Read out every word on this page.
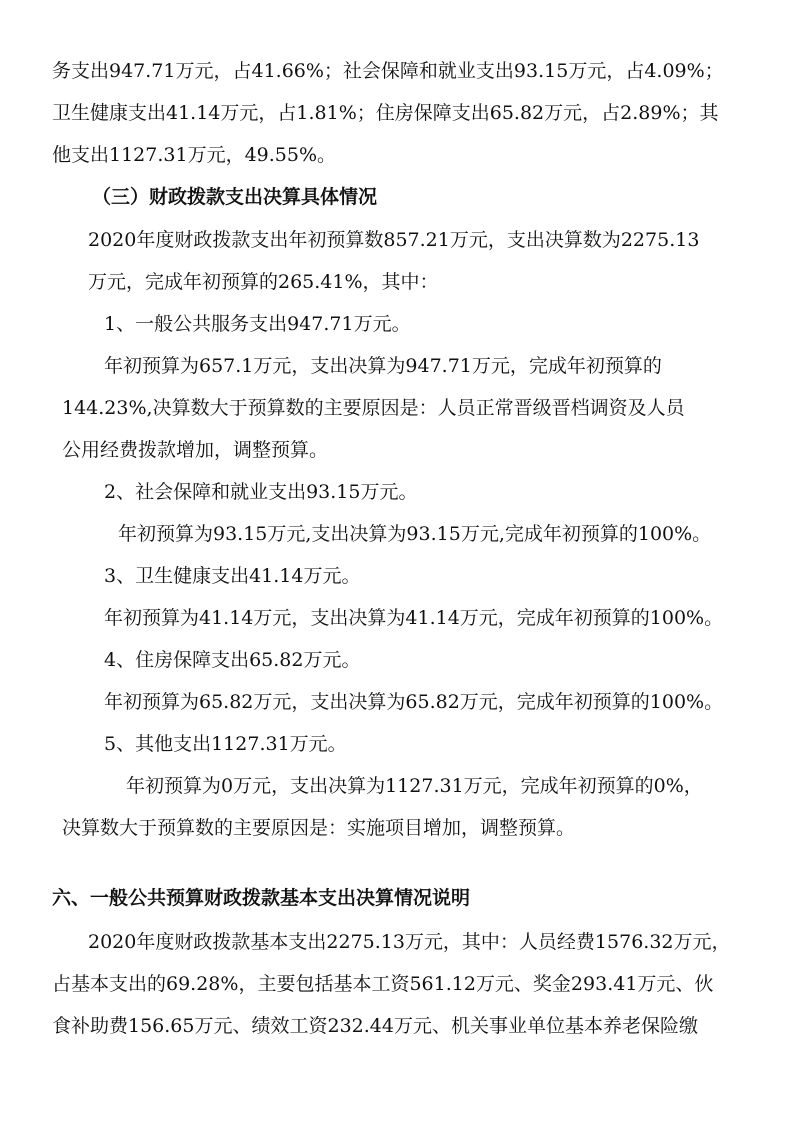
务支出947.71万元，占41.66%；社会保障和就业支出93.15万元，占4.09%；
卫生健康支出41.14万元，占1.81%；住房保障支出65.82万元，占2.89%；其
他支出1127.31万元，49.55%。
（三）财政拨款支出决算具体情况
2020年度财政拨款支出年初预算数857.21万元，支出决算数为2275.13
万元，完成年初预算的265.41%，其中：
1、一般公共服务支出947.71万元。
年初预算为657.1万元，支出决算为947.71万元，完成年初预算的
144.23%,决算数大于预算数的主要原因是：人员正常晋级晋档调资及人员
公用经费拨款增加，调整预算。
2、社会保障和就业支出93.15万元。
年初预算为93.15万元,支出决算为93.15万元,完成年初预算的100%。
3、卫生健康支出41.14万元。
年初预算为41.14万元，支出决算为41.14万元，完成年初预算的100%。
4、住房保障支出65.82万元。
年初预算为65.82万元，支出决算为65.82万元，完成年初预算的100%。
5、其他支出1127.31万元。
年初预算为0万元，支出决算为1127.31万元，完成年初预算的0%，
决算数大于预算数的主要原因是：实施项目增加，调整预算。
六、一般公共预算财政拨款基本支出决算情况说明
2020年度财政拨款基本支出2275.13万元，其中：人员经费1576.32万元，
占基本支出的69.28%，主要包括基本工资561.12万元、奖金293.41万元、伙
食补助费156.65万元、绩效工资232.44万元、机关事业单位基本养老保险缴
